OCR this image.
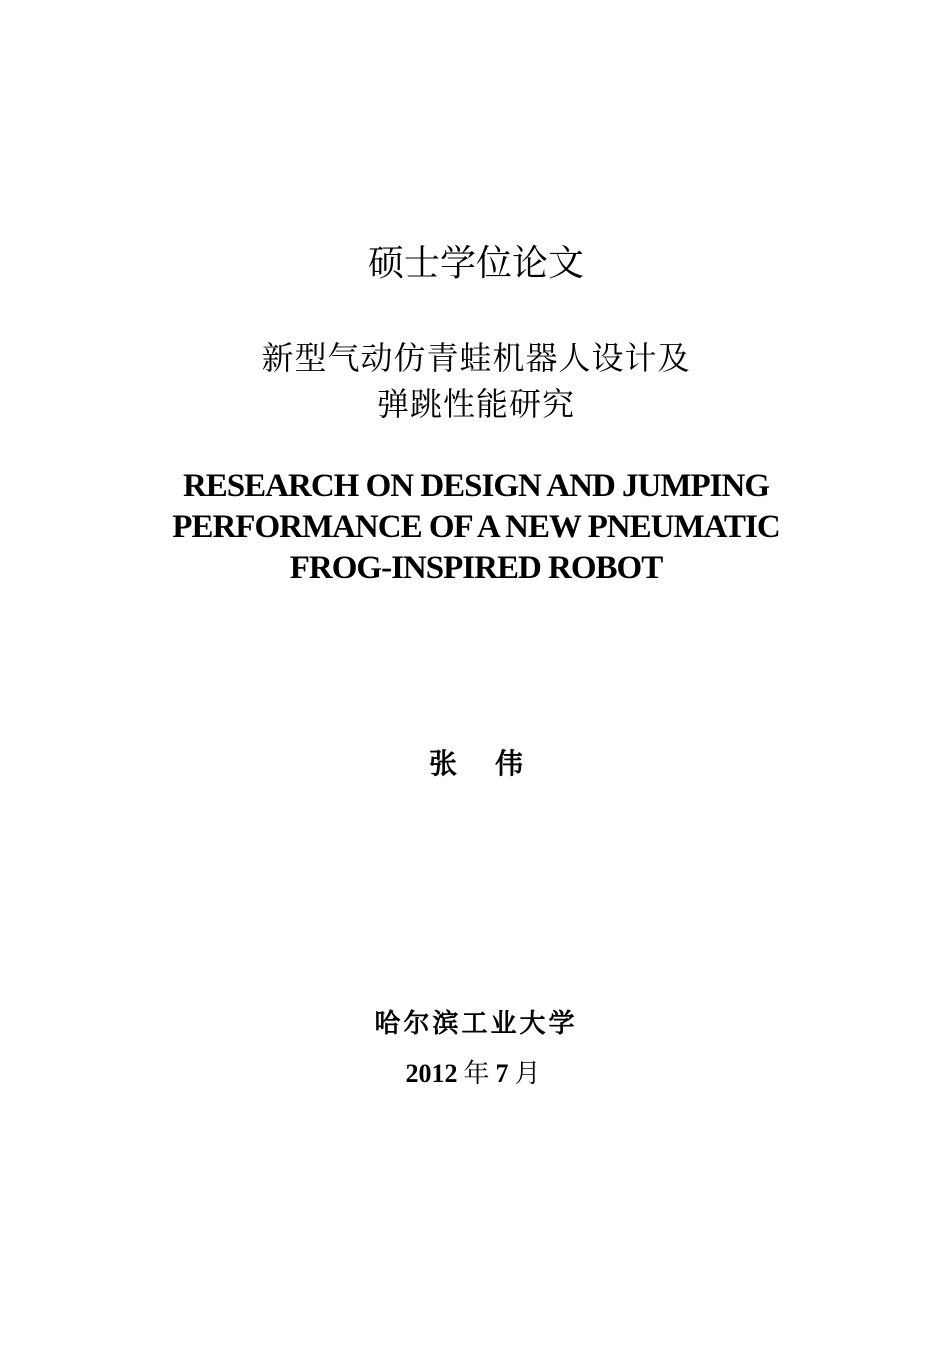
硕士学位论文
新型气动仿青蛙机器人设计及
弹跳性能研究
RESEARCH ON DESIGN AND JUMPING
PERFORMANCE OF A NEW PNEUMATIC
FROG-INSPIRED ROBOT
张 伟
哈尔滨工业大学
2012 年 7 月
